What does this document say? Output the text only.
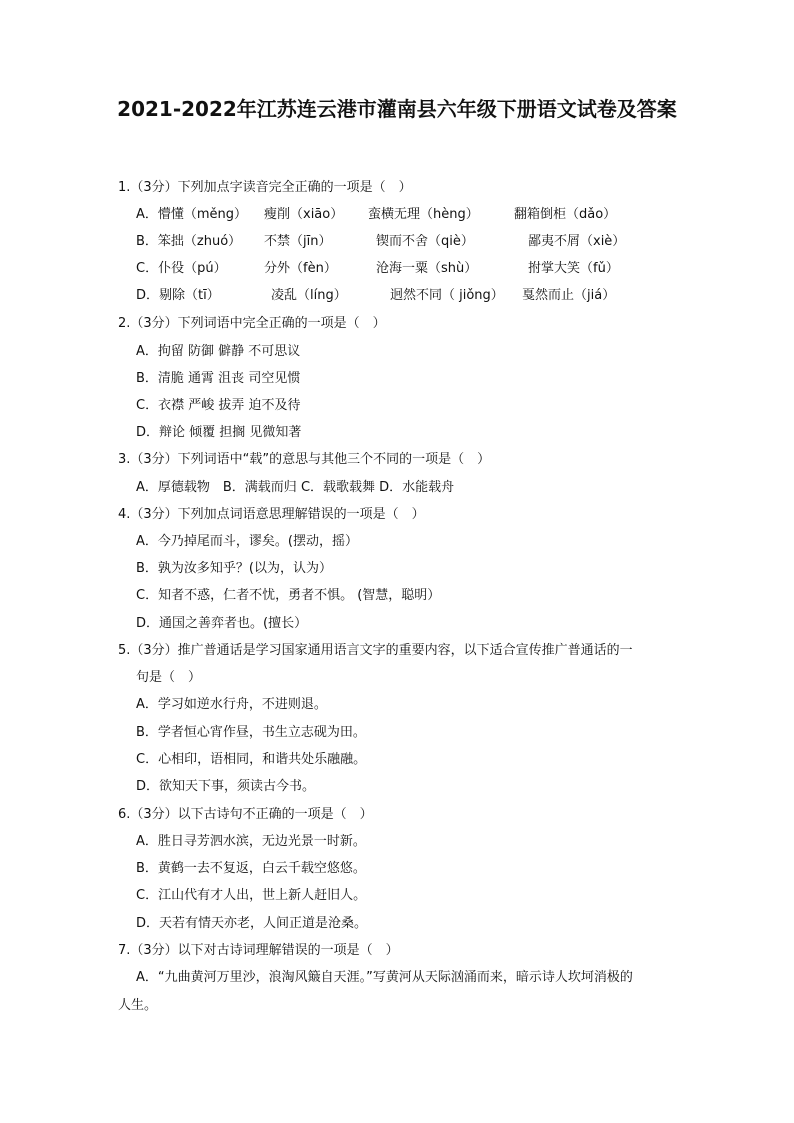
2021-2022年江苏连云港市灌南县六年级下册语文试卷及答案
1.（3分）下列加点字读音完全正确的一项是（　）
A．懵懂（měng） 瘦削（xiāo） 蛮横无理（hèng）	翻箱倒柜（dǎo）
B．笨拙（zhuó） 不禁（jīn）	锲而不舍（qiè）	鄙夷不屑（xiè）
C．仆役（pú）	分外（fèn）	沧海一粟（shù）	拊掌大笑（fǔ）
D．剔除（tī）	凌乱（líng）	迥然不同（ jiǒng） 戛然而止（jiá）
2.（3分）下列词语中完全正确的一项是（　）
A．拘留 防御 僻静 不可思议
B．清脆 通霄 沮丧 司空见惯
C．衣襟 严峻 拔弄 迫不及待
D．辩论 倾覆 担搁 见微知著
3.（3分）下列词语中“载”的意思与其他三个不同的一项是（　）
A．厚德载物　B．满载而归 C．载歌载舞 D．水能载舟
4.（3分）下列加点词语意思理解错误的一项是（　）
A．今乃掉尾而斗，谬矣。(摆动，摇）
B．孰为汝多知乎？(以为，认为）
C．知者不惑，仁者不忧，勇者不惧。 (智慧，聪明）
D．通国之善弈者也。(擅长）
5.（3分）推广普通话是学习国家通用语言文字的重要内容，以下适合宣传推广普通话的一
句是（　）
A．学习如逆水行舟，不进则退。
B．学者恒心宵作昼，书生立志砚为田。
C．心相印，语相同，和谐共处乐融融。
D．欲知天下事，须读古今书。
6.（3分）以下古诗句不正确的一项是（　）
A．胜日寻芳泗水滨，无边光景一时新。
B．黄鹤一去不复返，白云千载空悠悠。
C．江山代有才人出，世上新人赶旧人。
D．天若有情天亦老，人间正道是沧桑。
7.（3分）以下对古诗词理解错误的一项是（　）
A．“九曲黄河万里沙，浪淘风簸自天涯。”写黄河从天际汹涌而来，暗示诗人坎坷消极的
人生。
